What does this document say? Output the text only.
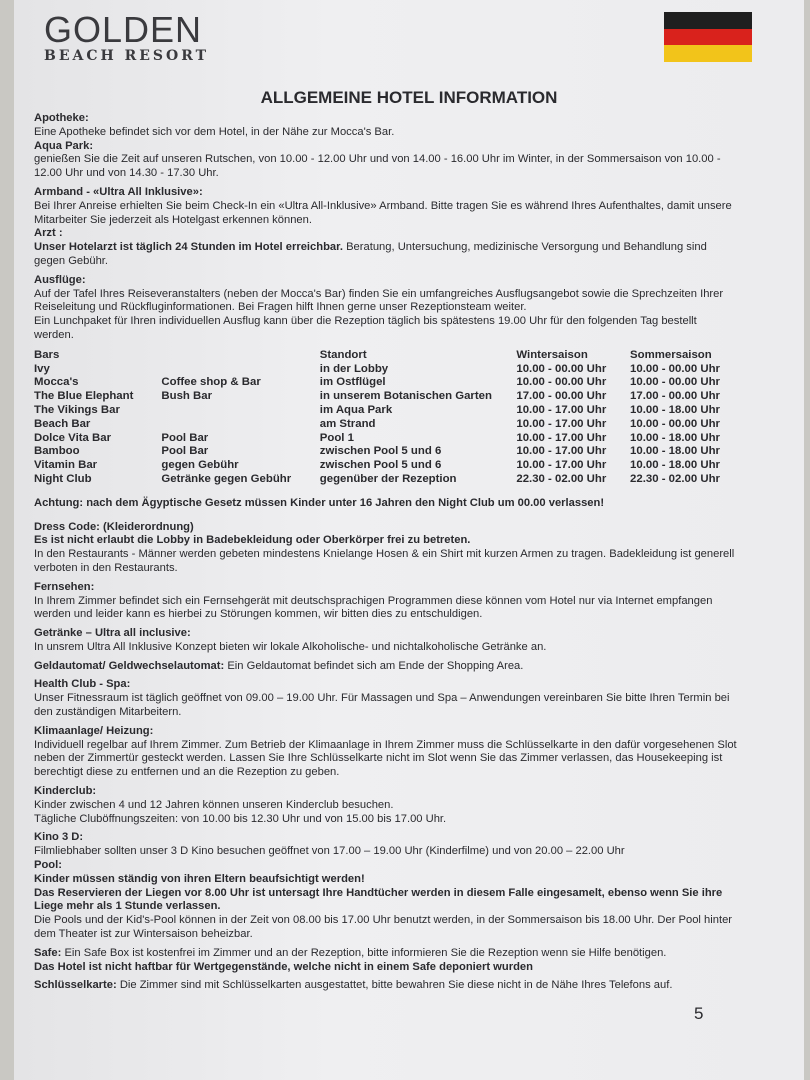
GOLDEN
BEACH RESORT
ALLGEMEINE HOTEL INFORMATION
Apotheke:
Eine Apotheke befindet sich vor dem Hotel, in der Nähe zur Mocca's Bar.
Aqua Park:
genießen Sie die Zeit auf unseren Rutschen, von 10.00 - 12.00 Uhr und von 14.00 - 16.00 Uhr im Winter, in der Sommersaison von 10.00 - 12.00 Uhr und von 14.30 - 17.30 Uhr.
Armband - «Ultra All Inklusive»:
Bei Ihrer Anreise erhielten Sie beim Check-In ein «Ultra All-Inklusive» Armband. Bitte tragen Sie es während Ihres Aufenthaltes, damit unsere Mitarbeiter Sie jederzeit als Hotelgast erkennen können.
Arzt :
Unser Hotelarzt ist täglich 24 Stunden im Hotel erreichbar. Beratung, Untersuchung, medizinische Versorgung und Behandlung sind gegen Gebühr.
Ausflüge:
Auf der Tafel Ihres Reiseveranstalters (neben der Mocca's Bar) finden Sie ein umfangreiches Ausflugsangebot sowie die Sprechzeiten Ihrer Reiseleitung und Rückfluginformationen. Bei Fragen hilft Ihnen gerne unser Rezeptionsteam weiter.
Ein Lunchpaket für Ihren individuellen Ausflug kann über die Rezeption täglich bis spätestens 19.00 Uhr für den folgenden Tag bestellt werden.
Bars		Standort	Wintersaison	Sommersaison
Ivy		in der Lobby	10.00 - 00.00 Uhr	10.00 - 00.00 Uhr
Mocca's	Coffee shop & Bar	im Ostflügel	10.00 - 00.00 Uhr	10.00 - 00.00 Uhr
The Blue Elephant	Bush Bar	in unserem Botanischen Garten	17.00 - 00.00 Uhr	17.00 - 00.00 Uhr
The Vikings Bar		im Aqua Park	10.00 - 17.00 Uhr	10.00 - 18.00 Uhr
Beach Bar		am Strand	10.00 - 17.00 Uhr	10.00 - 00.00 Uhr
Dolce Vita Bar	Pool Bar	Pool 1	10.00 - 17.00 Uhr	10.00 - 18.00 Uhr
Bamboo	Pool Bar	zwischen Pool 5 und 6	10.00 - 17.00 Uhr	10.00 - 18.00 Uhr
Vitamin Bar	gegen Gebühr	zwischen Pool 5 und 6	10.00 - 17.00 Uhr	10.00 - 18.00 Uhr
Night Club	Getränke gegen Gebühr	gegenüber der Rezeption	22.30 - 02.00 Uhr	22.30 - 02.00 Uhr
Achtung: nach dem Ägyptische Gesetz müssen Kinder unter 16 Jahren den Night Club um 00.00 verlassen!
Dress Code: (Kleiderordnung)
Es ist nicht erlaubt die Lobby in Badebekleidung oder Oberkörper frei zu betreten.
In den Restaurants - Männer werden gebeten mindestens Knielange Hosen & ein Shirt mit kurzen Armen zu tragen. Badekleidung ist generell verboten in den Restaurants.
Fernsehen:
In Ihrem Zimmer befindet sich ein Fernsehgerät mit deutschsprachigen Programmen diese können vom Hotel nur via Internet empfangen werden und leider kann es hierbei zu Störungen kommen, wir bitten dies zu entschuldigen.
Getränke – Ultra all inclusive:
In unsrem Ultra All Inklusive Konzept bieten wir lokale Alkoholische- und nichtalkoholische Getränke an.
Geldautomat/ Geldwechselautomat: Ein Geldautomat befindet sich am Ende der Shopping Area.
Health Club - Spa:
Unser Fitnessraum ist täglich geöffnet von 09.00 – 19.00 Uhr. Für Massagen und Spa – Anwendungen vereinbaren Sie bitte Ihren Termin bei den zuständigen Mitarbeitern.
Klimaanlage/ Heizung:
Individuell regelbar auf Ihrem Zimmer. Zum Betrieb der Klimaanlage in Ihrem Zimmer muss die Schlüsselkarte in den dafür vorgesehenen Slot neben der Zimmertür gesteckt werden. Lassen Sie Ihre Schlüsselkarte nicht im Slot wenn Sie das Zimmer verlassen, das Housekeeping ist berechtigt diese zu entfernen und an die Rezeption zu geben.
Kinderclub:
Kinder zwischen 4 und 12 Jahren können unseren Kinderclub besuchen.
Tägliche Cluböffnungszeiten: von 10.00 bis 12.30 Uhr und von 15.00 bis 17.00 Uhr.
Kino 3 D:
Filmliebhaber sollten unser 3 D Kino besuchen geöffnet von 17.00 – 19.00 Uhr (Kinderfilme) und von 20.00 – 22.00 Uhr
Pool:
Kinder müssen ständig von ihren Eltern beaufsichtigt werden!
Das Reservieren der Liegen vor 8.00 Uhr ist untersagt Ihre Handtücher werden in diesem Falle eingesamelt, ebenso wenn Sie ihre Liege mehr als 1 Stunde verlassen.
Die Pools und der Kid's-Pool können in der Zeit von 08.00 bis 17.00 Uhr benutzt werden, in der Sommersaison bis 18.00 Uhr. Der Pool hinter dem Theater ist zur Wintersaison beheizbar.
Safe: Ein Safe Box ist kostenfrei im Zimmer und an der Rezeption, bitte informieren Sie die Rezeption wenn sie Hilfe benötigen.
Das Hotel ist nicht haftbar für Wertgegenstände, welche nicht in einem Safe deponiert wurden
Schlüsselkarte: Die Zimmer sind mit Schlüsselkarten ausgestattet, bitte bewahren Sie diese nicht in de Nähe Ihres Telefons auf.
5
